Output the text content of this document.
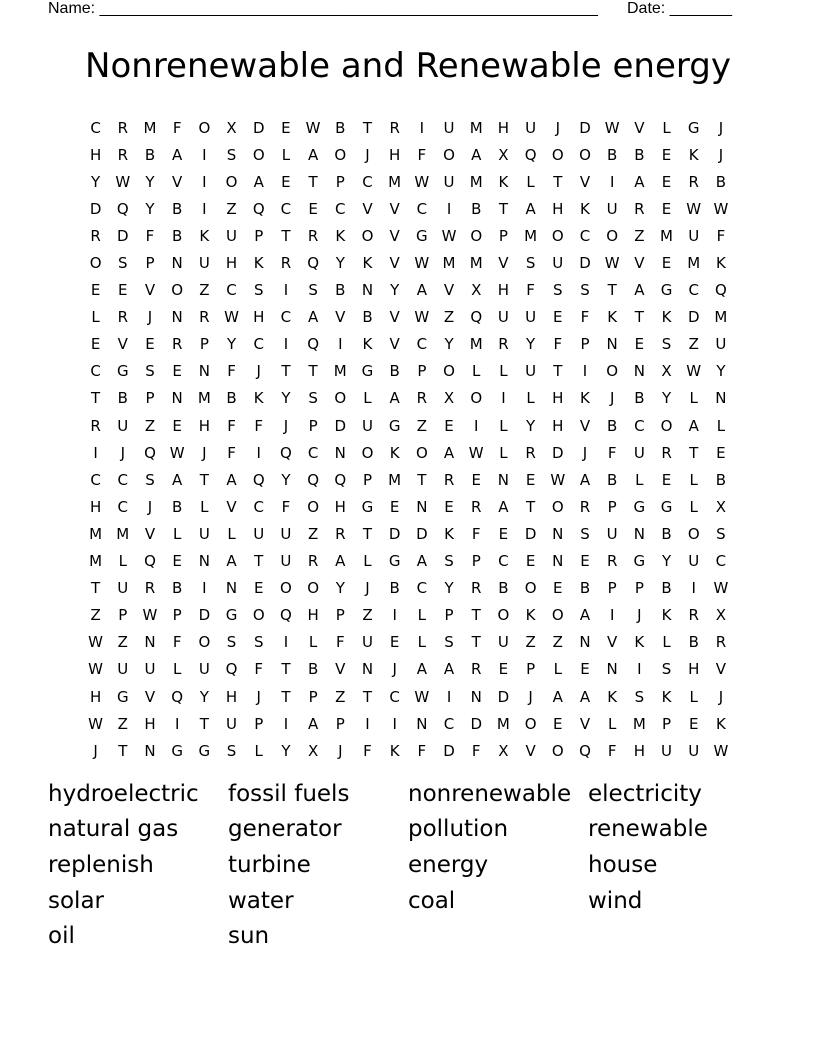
Name: ________________________________________________________ Date: _______
Nonrenewable and Renewable energy
C	R	M	F	O	X	D	E	W B	T	R	I	U	M	H	U	J	D W V	L	G	J
H	R	B	A	I	S	O	L	A	O	J	H	F	O	A	X	Q	O	O	B	B	E	K	J
Y	W	Y	V	I	O	A	E	T	P	C	M W U	M	K	L	T	V	I	A	E	R	B
D	Q	Y	B	I	Z	Q	C	E	C	V	V	C	I	B	T	A	H	K	U	R	E	W W
R	D	F	B	K	U	P	T	R	K	O	V	G W O	P	M O	C	O	Z	M	U	F
O	S	P	N	U	H	K	R	Q	Y	K	V W M M	V	S	U	D W V	E	M	K
E	E	V	O	Z	C	S	I	S	B	N	Y	A	V	X	H	F	S	S	T	A	G	C	Q
L	R	J	N	R W H	C	A	V	B	V W Z	Q	U	U	E	F	K	T	K	D M
E	V	E	R	P	Y	C	I	Q	I	K	V	C	Y	M	R	Y	F	P	N	E	S	Z	U
C	G	S	E	N	F	J	T	T	M G	B	P	O	L	L	U	T	I	O	N	X W	Y
T	B	P	N	M	B	K	Y	S	O	L	A	R	X	O	I	L	H	K	J	B	Y	L	N
R	U	Z	E	H	F	F	J	P	D	U	G	Z	E	I	L	Y	H	V	B	C	O	A	L
I	J	Q W	J	F	I	Q	C	N	O	K	O	A W	L	R	D	J	F	U	R	T	E
C	C	S	A	T	A	Q	Y	Q	Q	P	M	T	R	E	N	E	W A	B	L	E	L	B
H	C	J	B	L	V	C	F	O	H	G	E	N	E	R	A	T	O	R	P	G	G	L	X
M M	V	L	U	L	U	U	Z	R	T	D	D	K	F	E	D	N	S	U	N	B	O	S
M	L	Q	E	N	A	T	U	R	A	L	G	A	S	P	C	E	N	E	R	G	Y	U	C
T	U	R	B	I	N	E	O	O	Y	J	B	C	Y	R	B	O	E	B	P	P	B	I	W
Z	P	W	P	D	G	O	Q	H	P	Z	I	L	P	T	O	K	O	A	I	J	K	R	X
W Z	N	F	O	S	S	I	L	F	U	E	L	S	T	U	Z	Z	N	V	K	L	B	R
W U	U	L	U	Q	F	T	B	V	N	J	A	A	R	E	P	L	E	N	I	S	H	V
H	G	V	Q	Y	H	J	T	P	Z	T	C W	I	N	D	J	A	A	K	S	K	L	J
W Z	H	I	T	U	P	I	A	P	I	I	N	C	D M O	E	V	L	M	P	E	K
J	T	N	G	G	S	L	Y	X	J	F	K	F	D	F	X	V	O	Q	F	H	U	U W
hydroelectric	fossil fuels	nonrenewable electricity
natural gas	generator	pollution	renewable
replenish	turbine	energy	house
solar	water	coal	wind
oil	sun
